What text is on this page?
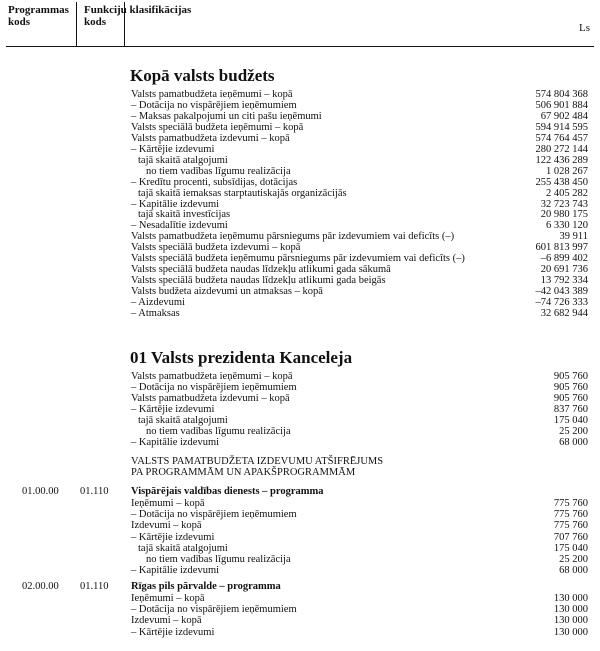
Programmas kods
Funkciju klasifikācijas kods	Ls
Kopā valsts budžets
Valsts pamatbudžeta ieņēmumi – kopā	574 804 368
– Dotācija no vispārējiem ieņēmumiem	506 901 884
– Maksas pakalpojumi un citi pašu ieņēmumi	67 902 484
Valsts speciālā budžeta ieņēmumi – kopā	594 914 595
Valsts pamatbudžeta izdevumi – kopā	574 764 457
– Kārtējie izdevumi	280 272 144
tajā skaitā atalgojumi	122 436 289
no tiem vadības līgumu realizācija	1 028 267
– Kredītu procenti, subsīdijas, dotācijas	255 438 450
tajā skaitā iemaksas starptautiskajās organizācijās	2 405 282
– Kapitālie izdevumi	32 723 743
tajā skaitā investīcijas	20 980 175
– Nesadalītie izdevumi	6 330 120
Valsts pamatbudžeta ieņēmumu pārsniegums pār izdevumiem vai deficīts (–)	39 911
Valsts speciālā budžeta izdevumi – kopā	601 813 997
Valsts speciālā budžeta ieņēmumu pārsniegums pār izdevumiem vai deficīts (–)	–6 899 402
Valsts speciālā budžeta naudas līdzekļu atlikumi gada sākumā	20 691 736
Valsts speciālā budžeta naudas līdzekļu atlikumi gada beigās	13 792 334
Valsts budžeta aizdevumi un atmaksas – kopā	–42 043 389
– Aizdevumi	–74 726 333
– Atmaksas	32 682 944
01 Valsts prezidenta Kanceleja
Valsts pamatbudžeta ieņēmumi – kopā	905 760
– Dotācija no vispārējiem ieņēmumiem	905 760
Valsts pamatbudžeta izdevumi – kopā	905 760
– Kārtējie izdevumi	837 760
tajā skaitā atalgojumi	175 040
no tiem vadības līgumu realizācija	25 200
– Kapitālie izdevumi	68 000
VALSTS PAMATBUDŽETA IZDEVUMU ATŠIFRĒJUMS
PA PROGRAMMĀM UN APAKŠPROGRAMMĀM
01.00.00 01.110 Vispārējais valdības dienests – programma
Ieņēmumi – kopā	775 760
– Dotācija no vispārējiem ieņēmumiem	775 760
Izdevumi – kopā	775 760
– Kārtējie izdevumi	707 760
tajā skaitā atalgojumi	175 040
no tiem vadības līgumu realizācija	25 200
– Kapitālie izdevumi	68 000
02.00.00 01.110 Rīgas pils pārvalde – programma
Ieņēmumi – kopā	130 000
– Dotācija no vispārējiem ieņēmumiem	130 000
Izdevumi – kopā	130 000
– Kārtējie izdevumi	130 000
